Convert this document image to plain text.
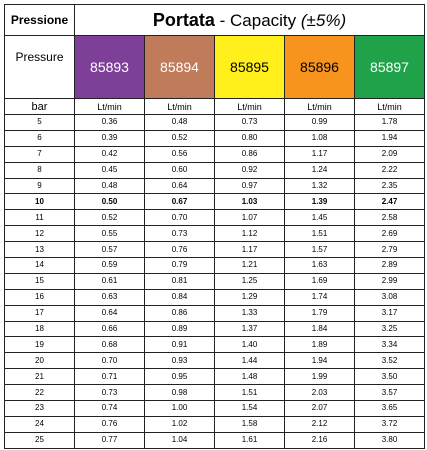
Pressione	Portata - Capacity (±5%)				
Pressure	85893	85894	85895	85896	85897
bar	Lt/min	Lt/min	Lt/min	Lt/min	Lt/min
5	0.36	0.48	0.73	0.99	1.78
6	0.39	0.52	0.80	1.08	1.94
7	0.42	0.56	0.86	1.17	2.09
8	0.45	0.60	0.92	1.24	2.22
9	0.48	0.64	0.97	1.32	2.35
10	0.50	0.67	1.03	1.39	2.47
11	0.52	0.70	1.07	1.45	2.58
12	0.55	0.73	1.12	1.51	2.69
13	0.57	0.76	1.17	1.57	2.79
14	0.59	0.79	1.21	1.63	2.89
15	0.61	0.81	1.25	1.69	2.99
16	0.63	0.84	1.29	1.74	3.08
17	0.64	0.86	1.33	1.79	3.17
18	0.66	0.89	1.37	1.84	3.25
19	0.68	0.91	1.40	1.89	3.34
20	0.70	0.93	1.44	1.94	3.52
21	0.71	0.95	1.48	1.99	3.50
22	0.73	0.98	1.51	2.03	3.57
23	0.74	1.00	1.54	2.07	3.65
24	0.76	1.02	1.58	2.12	3.72
25	0.77	1.04	1.61	2.16	3.80
